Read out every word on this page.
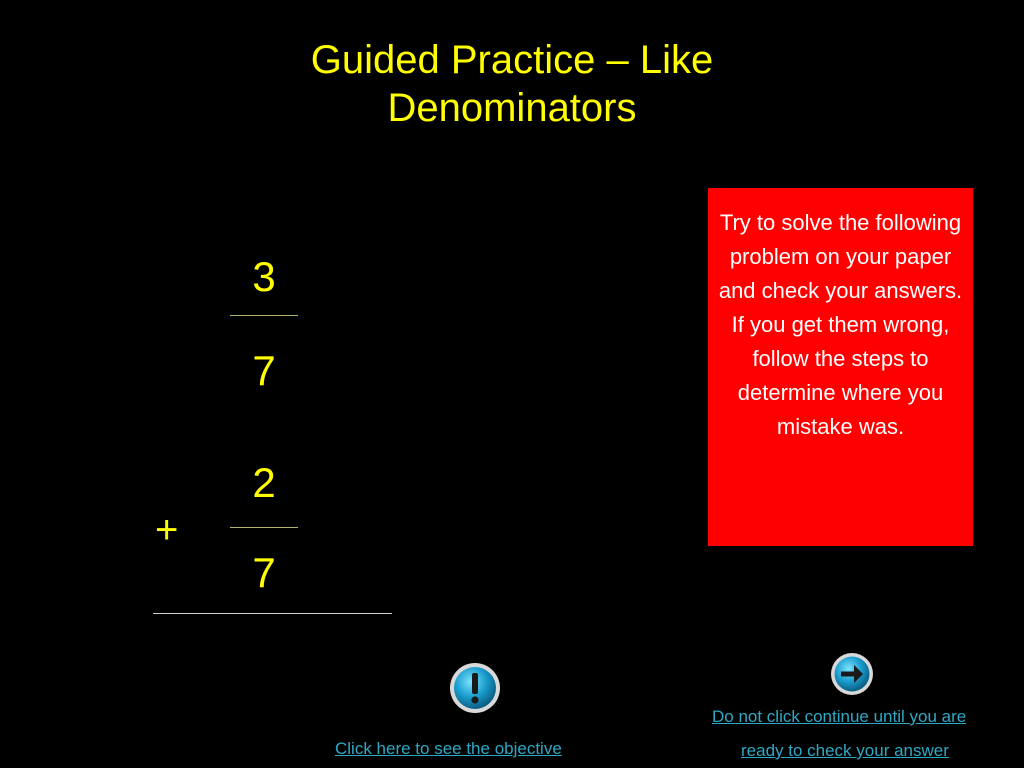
Guided Practice – Like
Denominators
3
7
2
+
7
Try to solve the following problem on your paper and check your answers. If you get them wrong, follow the steps to determine where you mistake was.
Click here to see the objective
Do not click continue until you are
ready to check your answer
